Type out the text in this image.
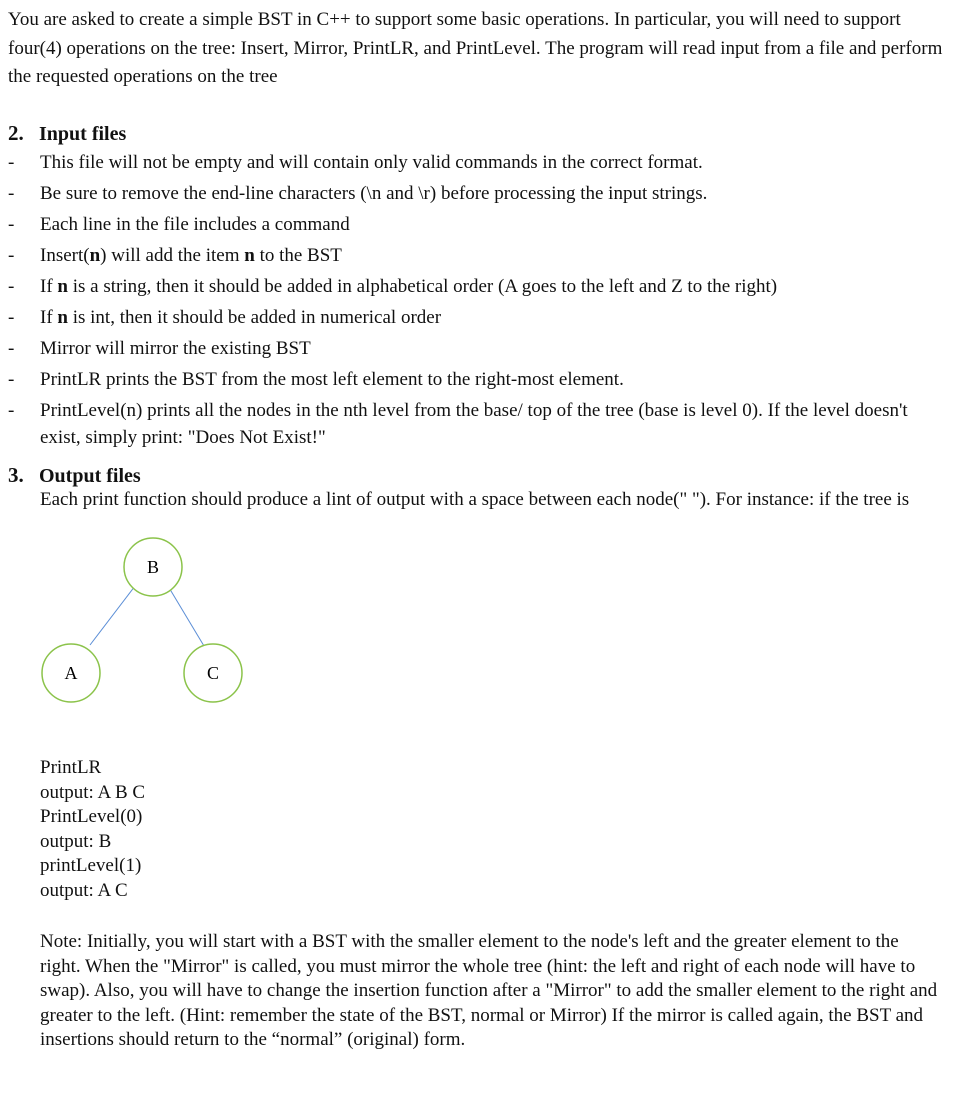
You are asked to create a simple BST in C++ to support some basic operations. In particular, you will need to support four(4) operations on the tree: Insert, Mirror, PrintLR, and PrintLevel. The program will read input from a file and perform the requested operations on the tree

2. Input files
- This file will not be empty and will contain only valid commands in the correct format.
- Be sure to remove the end-line characters (\n and \r) before processing the input strings.
- Each line in the file includes a command
- Insert(n) will add the item n to the BST
- If n is a string, then it should be added in alphabetical order (A goes to the left and Z to the right)
- If n is int, then it should be added in numerical order
- Mirror will mirror the existing BST
- PrintLR prints the BST from the most left element to the right-most element.
- PrintLevel(n) prints all the nodes in the nth level from the base/ top of the tree (base is level 0). If the level doesn't exist, simply print: "Does Not Exist!"
3. Output files

Each print function should produce a lint of output with a space between each node(" "). For instance: if the tree is

B
A	C
PrintLR
output: A B C
PrintLevel(0)
output: B
printLevel(1)
output: A C

Note: Initially, you will start with a BST with the smaller element to the node's left and the greater element to the right. When the "Mirror" is called, you must mirror the whole tree (hint: the left and right of each node will have to swap). Also, you will have to change the insertion function after a "Mirror" to add the smaller element to the right and greater to the left. (Hint: remember the state of the BST, normal or Mirror) If the mirror is called again, the BST and insertions should return to the “normal” (original) form.
